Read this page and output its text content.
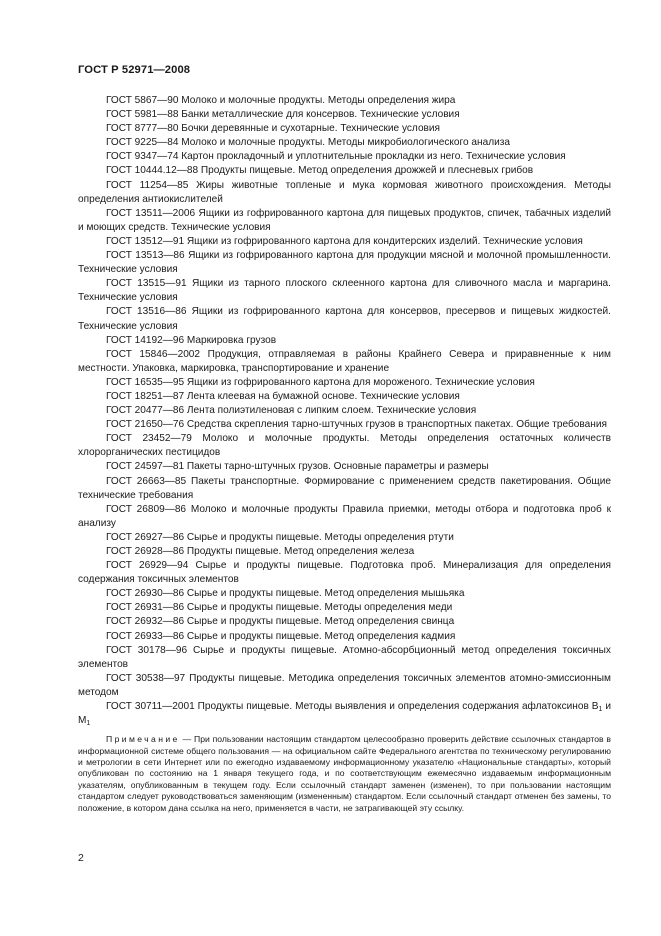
ГОСТ Р 52971—2008

ГОСТ 5867—90 Молоко и молочные продукты. Методы определения жира

ГОСТ 5981—88 Банки металлические для консервов. Технические условия

ГОСТ 8777—80 Бочки деревянные и сухотарные. Технические условия

ГОСТ 9225—84 Молоко и молочные продукты. Методы микробиологического анализа

ГОСТ 9347—74 Картон прокладочный и уплотнительные прокладки из него. Технические условия

ГОСТ 10444.12—88 Продукты пищевые. Метод определения дрожжей и плесневых грибов

ГОСТ 11254—85 Жиры животные топленые и мука кормовая животного происхождения. Методы определения антиокислителей

ГОСТ 13511—2006 Ящики из гофрированного картона для пищевых продуктов, спичек, табачных изделий и моющих средств. Технические условия

ГОСТ 13512—91 Ящики из гофрированного картона для кондитерских изделий. Технические условия

ГОСТ 13513—86 Ящики из гофрированного картона для продукции мясной и молочной промышленности. Технические условия

ГОСТ 13515—91 Ящики из тарного плоского склеенного картона для сливочного масла и маргарина. Технические условия

ГОСТ 13516—86 Ящики из гофрированного картона для консервов, пресервов и пищевых жидкостей. Технические условия

ГОСТ 14192—96 Маркировка грузов

ГОСТ 15846—2002 Продукция, отправляемая в районы Крайнего Севера и приравненные к ним местности. Упаковка, маркировка, транспортирование и хранение

ГОСТ 16535—95 Ящики из гофрированного картона для мороженого. Технические условия

ГОСТ 18251—87 Лента клеевая на бумажной основе. Технические условия

ГОСТ 20477—86 Лента полиэтиленовая с липким слоем. Технические условия

ГОСТ 21650—76 Средства скрепления тарно-штучных грузов в транспортных пакетах. Общие требования

ГОСТ 23452—79 Молоко и молочные продукты. Методы определения остаточных количеств хлорорганических пестицидов

ГОСТ 24597—81 Пакеты тарно-штучных грузов. Основные параметры и размеры

ГОСТ 26663—85 Пакеты транспортные. Формирование с применением средств пакетирования. Общие технические требования

ГОСТ 26809—86 Молоко и молочные продукты Правила приемки, методы отбора и подготовка проб к анализу

ГОСТ 26927—86 Сырье и продукты пищевые. Методы определения ртути

ГОСТ 26928—86 Продукты пищевые. Метод определения железа

ГОСТ 26929—94 Сырье и продукты пищевые. Подготовка проб. Минерализация для определения содержания токсичных элементов

ГОСТ 26930—86 Сырье и продукты пищевые. Метод определения мышьяка

ГОСТ 26931—86 Сырье и продукты пищевые. Методы определения меди

ГОСТ 26932—86 Сырье и продукты пищевые. Метод определения свинца

ГОСТ 26933—86 Сырье и продукты пищевые. Метод определения кадмия

ГОСТ 30178—96 Сырье и продукты пищевые. Атомно-абсорбционный метод определения токсичных элементов

ГОСТ 30538—97 Продукты пищевые. Методика определения токсичных элементов атомно-эмиссионным методом

ГОСТ 30711—2001 Продукты пищевые. Методы выявления и определения содержания афлатоксинов $B_1$ и $M_1$

Примечание — При пользовании настоящим стандартом целесообразно проверить действие ссылочных стандартов в информационной системе общего пользования — на официальном сайте Федерального агентства по техническому регулированию и метрологии в сети Интернет или по ежегодно издаваемому информационному указателю «Национальные стандарты», который опубликован по состоянию на 1 января текущего года, и по соответствующим ежемесячно издаваемым информационным указателям, опубликованным в текущем году. Если ссылочный стандарт заменен (изменен), то при пользовании настоящим стандартом следует руководствоваться заменяющим (измененным) стандартом. Если ссылочный стандарт отменен без замены, то положение, в котором дана ссылка на него, применяется в части, не затрагивающей эту ссылку.

2
